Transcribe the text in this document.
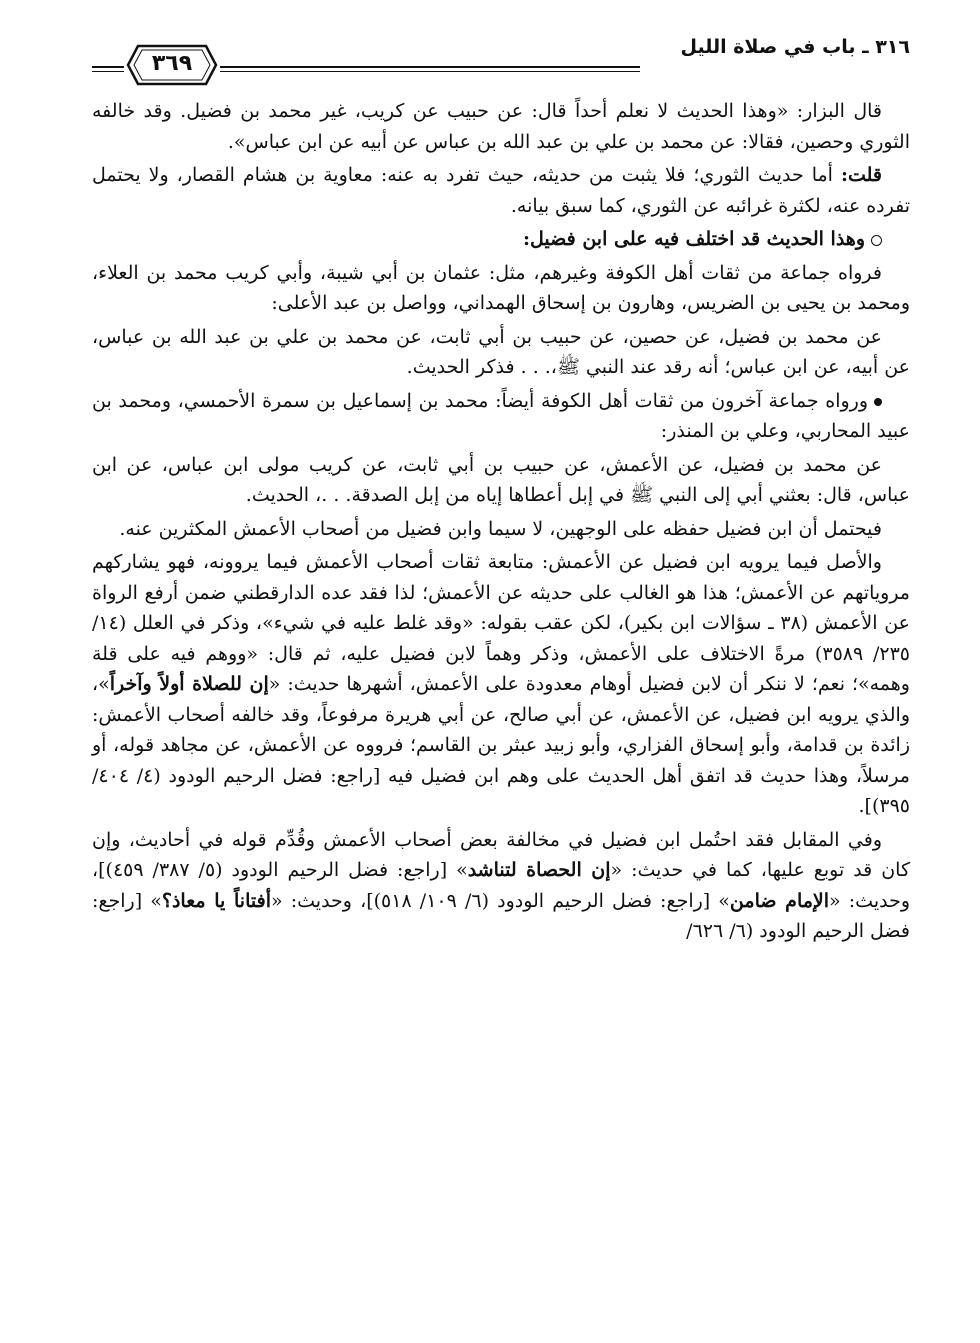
٣١٦ ـ باب في صلاة الليل
٣٦٩

قال البزار: «وهذا الحديث لا نعلم أحداً قال: عن حبيب عن كريب، غير محمد بن فضيل. وقد خالفه الثوري وحصين، فقالا: عن محمد بن علي بن عبد الله بن عباس عن أبيه عن ابن عباس».

قلت: أما حديث الثوري؛ فلا يثبت من حديثه، حيث تفرد به عنه: معاوية بن هشام القصار، ولا يحتمل تفرده عنه، لكثرة غرائبه عن الثوري، كما سبق بيانه.

وهذا الحديث قد اختلف فيه على ابن فضيل:

فرواه جماعة من ثقات أهل الكوفة وغيرهم، مثل: عثمان بن أبي شيبة، وأبي كريب محمد بن العلاء، ومحمد بن يحيى بن الضريس، وهارون بن إسحاق الهمداني، وواصل بن عبد الأعلى:

عن محمد بن فضيل، عن حصين، عن حبيب بن أبي ثابت، عن محمد بن علي بن عبد الله بن عباس، عن أبيه، عن ابن عباس؛ أنه رقد عند النبي ﷺ،. . . فذكر الحديث.

ورواه جماعة آخرون من ثقات أهل الكوفة أيضاً: محمد بن إسماعيل بن سمرة الأحمسي، ومحمد بن عبيد المحاربي، وعلي بن المنذر:

عن محمد بن فضيل، عن الأعمش، عن حبيب بن أبي ثابت، عن كريب مولى ابن عباس، عن ابن عباس، قال: بعثني أبي إلى النبي ﷺ في إبل أعطاها إياه من إبل الصدقة. . .، الحديث.

فيحتمل أن ابن فضيل حفظه على الوجهين، لا سيما وابن فضيل من أصحاب الأعمش المكثرين عنه.

والأصل فيما يرويه ابن فضيل عن الأعمش: متابعة ثقات أصحاب الأعمش فيما يروونه، فهو يشاركهم مروياتهم عن الأعمش؛ هذا هو الغالب على حديثه عن الأعمش؛ لذا فقد عده الدارقطني ضمن أرفع الرواة عن الأعمش (٣٨ ـ سؤالات ابن بكير)، لكن عقب بقوله: «وقد غلط عليه في شيء»، وذكر في العلل (١٤/ ٢٣٥/ ٣٥٨٩) مرةً الاختلاف على الأعمش، وذكر وهماً لابن فضيل عليه، ثم قال: «ووهم فيه على قلة وهمه»؛ نعم؛ لا ننكر أن لابن فضيل أوهام معدودة على الأعمش، أشهرها حديث: «إن للصلاة أولاً وآخراً»، والذي يرويه ابن فضيل، عن الأعمش، عن أبي صالح، عن أبي هريرة مرفوعاً، وقد خالفه أصحاب الأعمش: زائدة بن قدامة، وأبو إسحاق الفزاري، وأبو زبيد عبثر بن القاسم؛ فرووه عن الأعمش، عن مجاهد قوله، أو مرسلاً، وهذا حديث قد اتفق أهل الحديث على وهم ابن فضيل فيه [راجع: فضل الرحيم الودود (٤/ ٤٠٤/ ٣٩٥)].

وفي المقابل فقد احتُمل ابن فضيل في مخالفة بعض أصحاب الأعمش وقُدِّم قوله في أحاديث، وإن كان قد توبع عليها، كما في حديث: «إن الحصاة لتناشد» [راجع: فضل الرحيم الودود (٥/ ٣٨٧/ ٤٥٩)]، وحديث: «الإمام ضامن» [راجع: فضل الرحيم الودود (٦/ ١٠٩/ ٥١٨)]، وحديث: «أفتاناً يا معاذ؟» [راجع: فضل الرحيم الودود (٦/ ٦٢٦/
